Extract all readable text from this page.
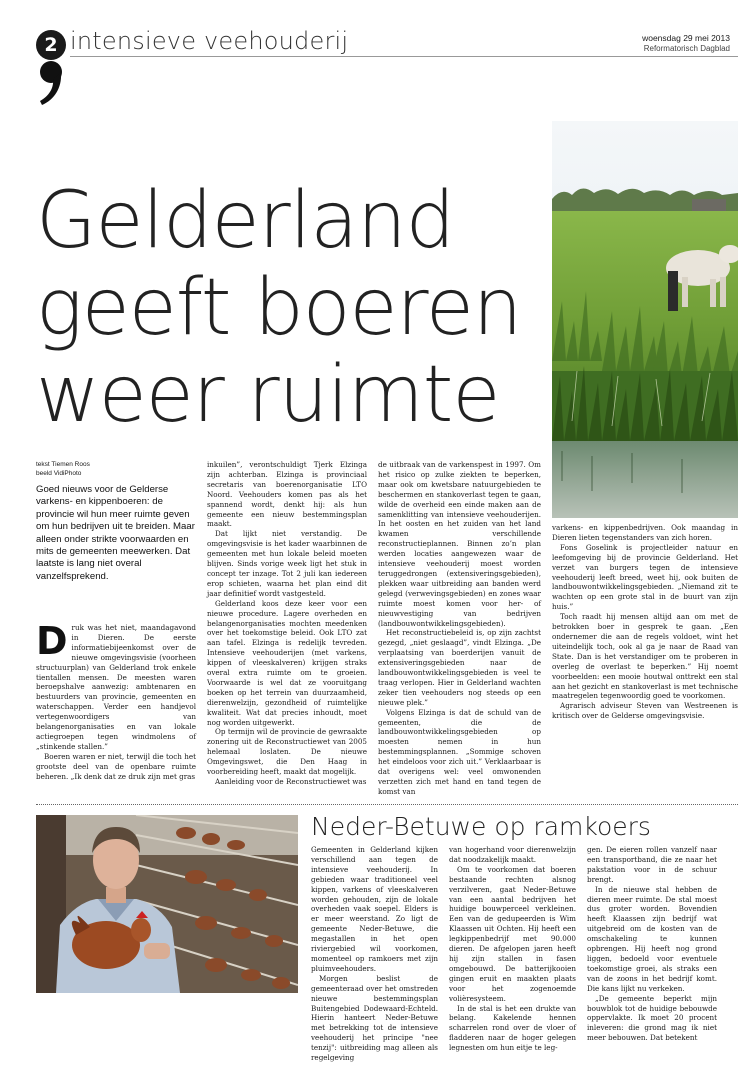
2 intensieve veehouderij	woensdag 29 mei 2013
Reformatorisch Dagblad
Gelderland
geeft boeren
weer ruimte
tekst Tiemen Roos
beeld VidiPhoto
Goed nieuws voor de Gelderse varkens- en kippenboeren: de provincie wil hun meer ruimte geven om hun bedrijven uit te breiden. Maar alleen onder strikte voorwaarden en mits de gemeenten meewerken. Dat laatste is lang niet overal vanzelfsprekend.

Druk was het niet, maandagavond in Dieren. De eerste informatiebijeenkomst over de nieuwe omgevingsvisie (voorheen structuurplan) van Gelderland trok enkele tientallen mensen. De meesten waren beroepshalve aanwezig: ambtenaren en bestuurders van provincie, gemeenten en waterschappen. Verder een handjevol vertegenwoordigers van belangenorganisaties en van lokale actiegroepen tegen windmolens of „stinkende stallen.”

Boeren waren er niet, terwijl die toch het grootste deel van de openbare ruimte beheren. „Ik denk dat ze druk zijn met gras

inkuilen”, verontschuldigt Tjerk Elzinga zijn achterban. Elzinga is provinciaal secretaris van boerenorganisatie LTO Noord. Veehouders komen pas als het spannend wordt, denkt hij: als hun gemeente een nieuw bestemmingsplan maakt.

Dat lijkt niet verstandig. De omgevingsvisie is het kader waarbinnen de gemeenten met hun lokale beleid moeten blijven. Sinds vorige week ligt het stuk in concept ter inzage. Tot 2 juli kan iedereen erop schieten, waarna het plan eind dit jaar definitief wordt vastgesteld.

Gelderland koos deze keer voor een nieuwe procedure. Lagere overheden en belangenorganisaties mochten meedenken over het toekomstige beleid. Ook LTO zat aan tafel. Elzinga is redelijk tevreden. Intensieve veehouderijen (met varkens, kippen of vleeskalveren) krijgen straks overal extra ruimte om te groeien. Voorwaarde is wel dat ze vooruitgang boeken op het terrein van duurzaamheid, dierenwelzijn, gezondheid of ruimtelijke kwaliteit. Wat dat precies inhoudt, moet nog worden uitgewerkt.

Op termijn wil de provincie de gewraakte zonering uit de Reconstructiewet van 2005 helemaal loslaten. De nieuwe Omgevingswet, die Den Haag in voorbereiding heeft, maakt dat mogelijk.

Aanleiding voor de Reconstructiewet was

de uitbraak van de varkenspest in 1997. Om het risico op zulke ziekten te beperken, maar ook om kwetsbare natuurgebieden te beschermen en stankoverlast tegen te gaan, wilde de overheid een einde maken aan de samenklitting van intensieve veehouderijen. In het oosten en het zuiden van het land kwamen verschillende reconstructieplannen. Binnen zo’n plan werden locaties aangewezen waar de intensieve veehouderij moest worden teruggedrongen (extensiveringsgebieden), plekken waar uitbreiding aan banden werd gelegd (verwevingsgebieden) en zones waar ruimte moest komen voor her- of nieuwvestiging van bedrijven (landbouwontwikkelingsgebieden).

Het reconstructiebeleid is, op zijn zachtst gezegd, „niet geslaagd”, vindt Elzinga. „De verplaatsing van boerderijen vanuit de extensiveringsgebieden naar de landbouwontwikkelingsgebieden is veel te traag verlopen. Hier in Gelderland wachten zeker tien veehouders nog steeds op een nieuwe plek.”

Volgens Elzinga is dat de schuld van de gemeenten, die de landbouwontwikkelingsgebieden op moesten nemen in hun bestemmingsplannen. „Sommige schoven het eindeloos voor zich uit.” Verklaarbaar is dat overigens wel: veel omwonenden verzetten zich met hand en tand tegen de komst van

varkens- en kippenbedrijven. Ook maandag in Dieren lieten tegenstanders van zich horen.

Fons Goselink is projectleider natuur en leefomgeving bij de provincie Gelderland. Het verzet van burgers tegen de intensieve veehouderij leeft breed, weet hij, ook buiten de landbouwontwikkelingsgebieden. „Niemand zit te wachten op een grote stal in de buurt van zijn huis.”

Toch raadt hij mensen altijd aan om met de betrokken boer in gesprek te gaan. „Een ondernemer die aan de regels voldoet, wint het uiteindelijk toch, ook al ga je naar de Raad van State. Dan is het verstandiger om te proberen in overleg de overlast te beperken.” Hij noemt voorbeelden: een mooie houtwal onttrekt een stal aan het gezicht en stankoverlast is met technische maatregelen tegenwoordig goed te voorkomen.

Agrarisch adviseur Steven van Westreenen is kritisch over de Gelderse omgevingsvisie.

Neder-Betuwe op ramkoers

Gemeenten in Gelderland kijken verschillend aan tegen de intensieve veehouderij. In gebieden waar traditioneel veel kippen, varkens of vleeskalveren worden gehouden, zijn de lokale overheden vaak soepel. Elders is er meer weerstand. Zo ligt de gemeente Neder-Betuwe, die megastallen in het open riviergebied wil voorkomen, momenteel op ramkoers met zijn pluimveehouders.

Morgen beslist de gemeenteraad over het omstreden nieuwe bestemmingsplan Buitengebied Dodewaard-Echteld. Hierin hanteert Neder-Betuwe met betrekking tot de intensieve veehouderij het principe "nee tenzij": uitbreiding mag alleen als regelgeving

van hogerhand voor dierenwelzijn dat noodzakelijk maakt.

Om te voorkomen dat boeren bestaande rechten alsnog verzilveren, gaat Neder-Betuwe van een aantal bedrijven het huidige bouwperceel verkleinen. Een van de gedupeerden is Wim Klaassen uit Ochten. Hij heeft een legkippenbedrijf met 90.000 dieren. De afgelopen jaren heeft hij zijn stallen in fasen omgebouwd. De batterijkooien gingen eruit en maakten plaats voor het zogenoemde volièresysteem.

In de stal is het een drukte van belang. Kakelende hennen scharrelen rond over de vloer of fladderen naar de hoger gelegen legnesten om hun eitje te leg-

gen. De eieren rollen vanzelf naar een transportband, die ze naar het pakstation voor in de schuur brengt.

In de nieuwe stal hebben de dieren meer ruimte. De stal moest dus groter worden. Bovendien heeft Klaassen zijn bedrijf wat uitgebreid om de kosten van de omschakeling te kunnen opbrengen. Hij heeft nog grond liggen, bedoeld voor eventuele toekomstige groei, als straks een van de zoons in het bedrijf komt. Die kans lijkt nu verkeken.

„De gemeente beperkt mijn bouwblok tot de huidige bebouwde oppervlakte. Ik moet 20 procent inleveren: die grond mag ik niet meer bebouwen. Dat betekent
